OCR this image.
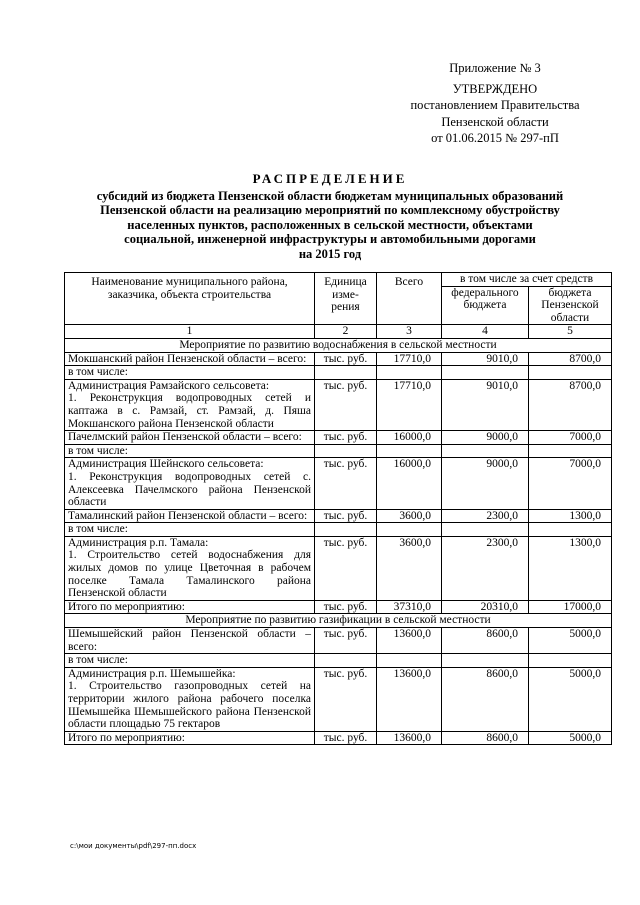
Приложение № 3
УТВЕРЖДЕНО
постановлением Правительства
Пензенской области
от 01.06.2015 № 297-пП
РАСПРЕДЕЛЕНИЕ
субсидий из бюджета Пензенской области бюджетам муниципальных образований
Пензенской области на реализацию мероприятий по комплексному обустройству
населенных пунктов, расположенных в сельской местности, объектами
социальной, инженерной инфраструктуры и автомобильными дорогами
на 2015 год
Наименование муниципального района, заказчика, объекта строительства	Единица изме-рения	Всего	в том числе за счет средств	
			федерального бюджета	бюджета Пензенской области
1	2	3	4	5
Мероприятие по развитию водоснабжения в сельской местности				
Мокшанский район Пензенской области – всего:	тыс. руб.	17710,0	9010,0	8700,0
в том числе:				
Администрация Рамзайского сельсовета:
1. Реконструкция водопроводных сетей и каптажа в с. Рамзай, ст. Рамзай, д. Пяша Мокшанского района Пензенской области	тыс. руб.	17710,0	9010,0	8700,0
Пачелмский район Пензенской области – всего:	тыс. руб.	16000,0	9000,0	7000,0
в том числе:				
Администрация Шейнского сельсовета:
1. Реконструкция водопроводных сетей с. Алексеевка Пачелмского района Пензенской области	тыс. руб.	16000,0	9000,0	7000,0
Тамалинский район Пензенской области – всего:	тыс. руб.	3600,0	2300,0	1300,0
в том числе:				
Администрация р.п. Тамала:
1. Строительство сетей водоснабжения для жилых домов по улице Цветочная в рабочем поселке Тамала Тамалинского района Пензенской области	тыс. руб.	3600,0	2300,0	1300,0
Итого по мероприятию:	тыс. руб.	37310,0	20310,0	17000,0
Мероприятие по развитию газификации в сельской местности				
Шемышейский район Пензенской области – всего:	тыс. руб.	13600,0	8600,0	5000,0
в том числе:				
Администрация р.п. Шемышейка:
1. Строительство газопроводных сетей на территории жилого района рабочего поселка Шемышейка Шемышейского района Пензенской области площадью 75 гектаров	тыс. руб.	13600,0	8600,0	5000,0
Итого по мероприятию:	тыс. руб.	13600,0	8600,0	5000,0
c:\мои документы\pdf\297-пп.docx
